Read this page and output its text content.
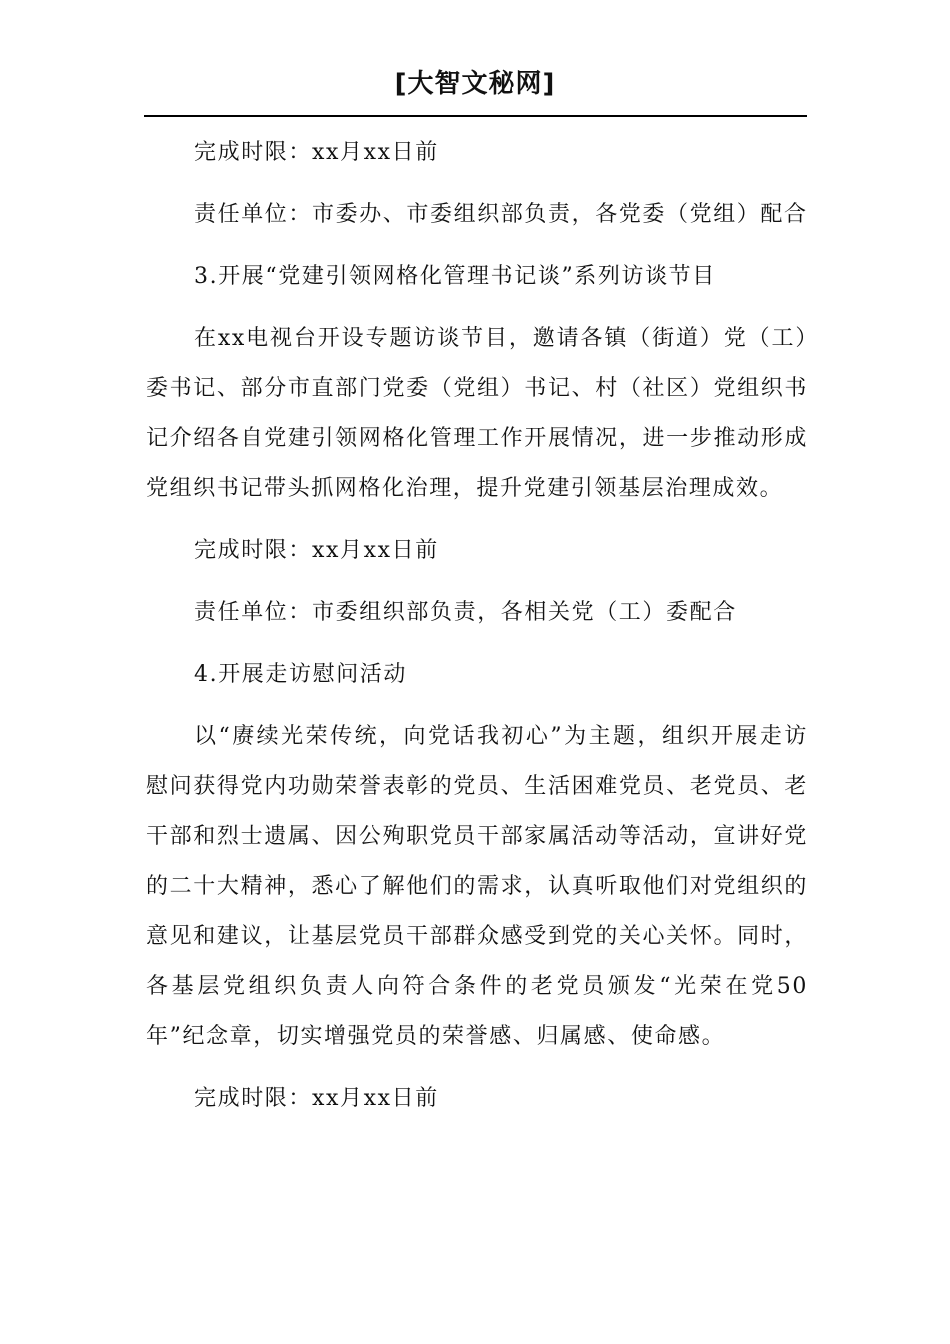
[大智文秘网]

完成时限：xx月xx日前

责任单位：市委办、市委组织部负责，各党委（党组）配合

3.开展“党建引领网格化管理书记谈”系列访谈节目

在xx电视台开设专题访谈节目，邀请各镇（街道）党（工）委书记、部分市直部门党委（党组）书记、村（社区）党组织书记介绍各自党建引领网格化管理工作开展情况，进一步推动形成党组织书记带头抓网格化治理，提升党建引领基层治理成效。

完成时限：xx月xx日前

责任单位：市委组织部负责，各相关党（工）委配合

4.开展走访慰问活动

以“赓续光荣传统，向党话我初心”为主题，组织开展走访慰问获得党内功勋荣誉表彰的党员、生活困难党员、老党员、老干部和烈士遗属、因公殉职党员干部家属活动等活动，宣讲好党的二十大精神，悉心了解他们的需求，认真听取他们对党组织的意见和建议，让基层党员干部群众感受到党的关心关怀。同时，各基层党组织负责人向符合条件的老党员颁发“光荣在党50年”纪念章，切实增强党员的荣誉感、归属感、使命感。

完成时限：xx月xx日前
